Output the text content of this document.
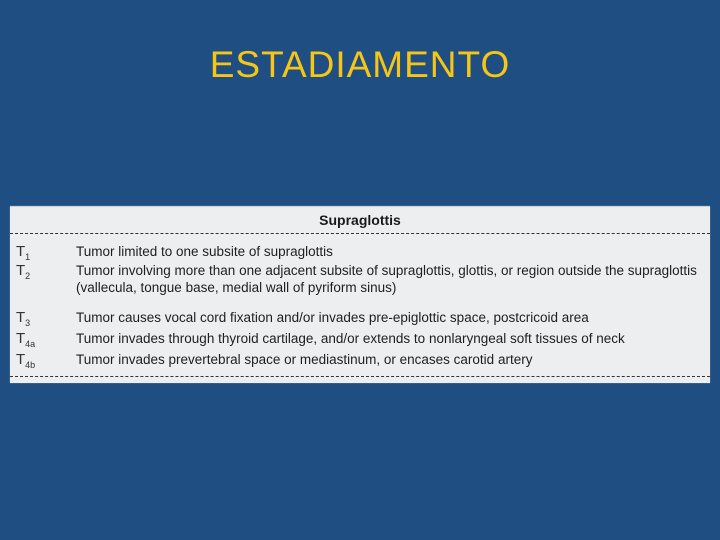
ESTADIAMENTO
Supraglottis
$T_1$	Tumor limited to one subsite of supraglottis
$T_2$	Tumor involving more than one adjacent subsite of supraglottis, glottis, or region outside the supraglottis (vallecula, tongue base, medial wall of pyriform sinus)
$T_3$	Tumor causes vocal cord fixation and/or invades pre-epiglottic space, postcricoid area
$T_{4a}$	Tumor invades through thyroid cartilage, and/or extends to nonlaryngeal soft tissues of neck
$T_{4b}$	Tumor invades prevertebral space or mediastinum, or encases carotid artery
